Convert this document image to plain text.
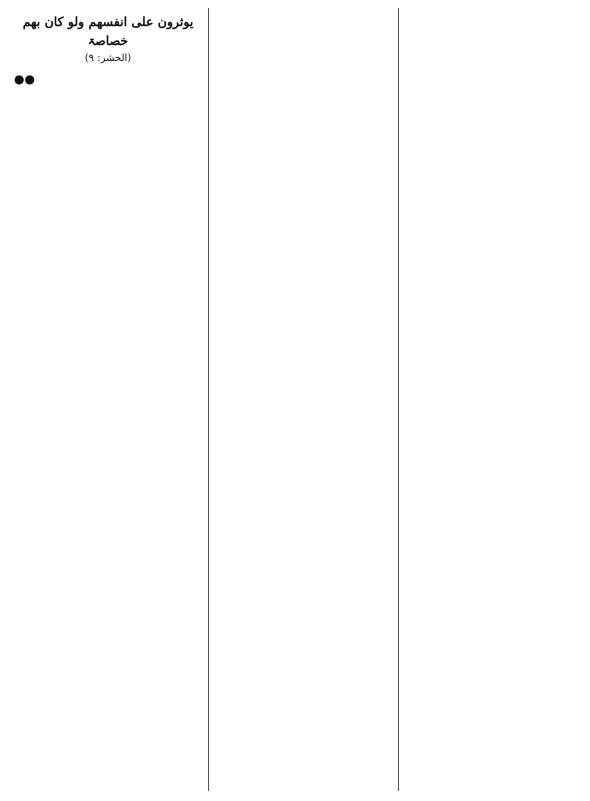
یوثرون علی انفسھم ولو کان بھم خصاصۃ

(الحشر: ۹)

●●
